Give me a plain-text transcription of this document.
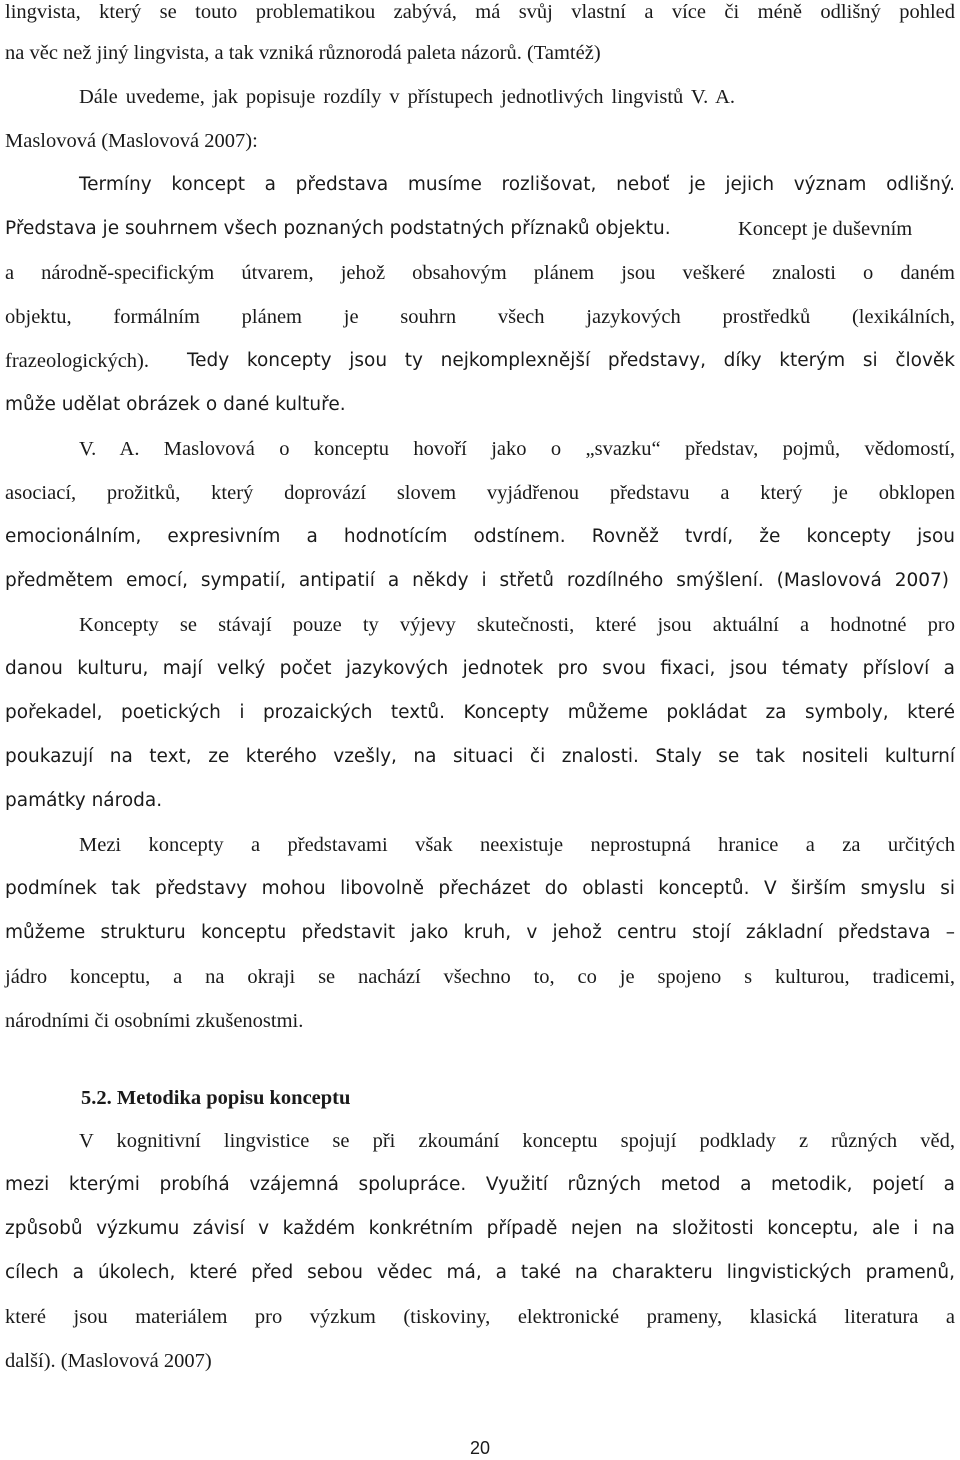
lingvista, který se touto problematikou zabývá, má svůj vlastní a více či méně odlišný pohled
na věc než jiný lingvista, a tak vzniká různorodá paleta názorů. (Tamtéž)
Dále uvedeme, jak popisuje rozdíly v přístupech jednotlivých lingvistů V. A.
Maslovová (Maslovová 2007):
Termíny koncept a představa musíme rozlišovat, neboť je jejich význam odlišný.
Představa je souhrnem všech poznaných podstatných příznaků objektu.	Koncept je duševním
a národně-specifickým útvarem, jehož obsahovým plánem jsou veškeré znalosti o daném
objektu, formálním plánem je souhrn všech jazykových prostředků (lexikálních,
frazeologických). Tedy koncepty jsou ty nejkomplexnější představy, díky kterým si člověk
může udělat obrázek o dané kultuře.
V. A. Maslovová o konceptu hovoří jako o „svazku“ představ, pojmů, vědomostí,
asociací, prožitků, který doprovází slovem vyjádřenou představu a který je obklopen
emocionálním, expresivním a hodnotícím odstínem. Rovněž tvrdí, že koncepty jsou
předmětem emocí, sympatií, antipatií a někdy i střetů rozdílného smýšlení. (Maslovová 2007)
Koncepty se stávají pouze ty výjevy skutečnosti, které jsou aktuální a hodnotné pro
danou kulturu, mají velký počet jazykových jednotek pro svou fixaci, jsou tématy přísloví a
pořekadel, poetických i prozaických textů. Koncepty můžeme pokládat za symboly, které
poukazují na text, ze kterého vzešly, na situaci či znalosti. Staly se tak nositeli kulturní
památky národa.
Mezi koncepty a představami však neexistuje neprostupná hranice a za určitých
podmínek tak představy mohou libovolně přecházet do oblasti konceptů. V širším smyslu si
můžeme strukturu konceptu představit jako kruh, v jehož centru stojí základní představa –
jádro konceptu, a na okraji se nachází všechno to, co je spojeno s kulturou, tradicemi,
národními či osobními zkušenostmi.
5.2. Metodika popisu konceptu
V kognitivní lingvistice se při zkoumání konceptu spojují podklady z různých věd,
mezi kterými probíhá vzájemná spolupráce. Využití různých metod a metodik, pojetí a
způsobů výzkumu závisí v každém konkrétním případě nejen na složitosti konceptu, ale i na
cílech a úkolech, které před sebou vědec má, a také na charakteru lingvistických pramenů,
které jsou materiálem pro výzkum (tiskoviny, elektronické prameny, klasická literatura a
další). (Maslovová 2007)
20
